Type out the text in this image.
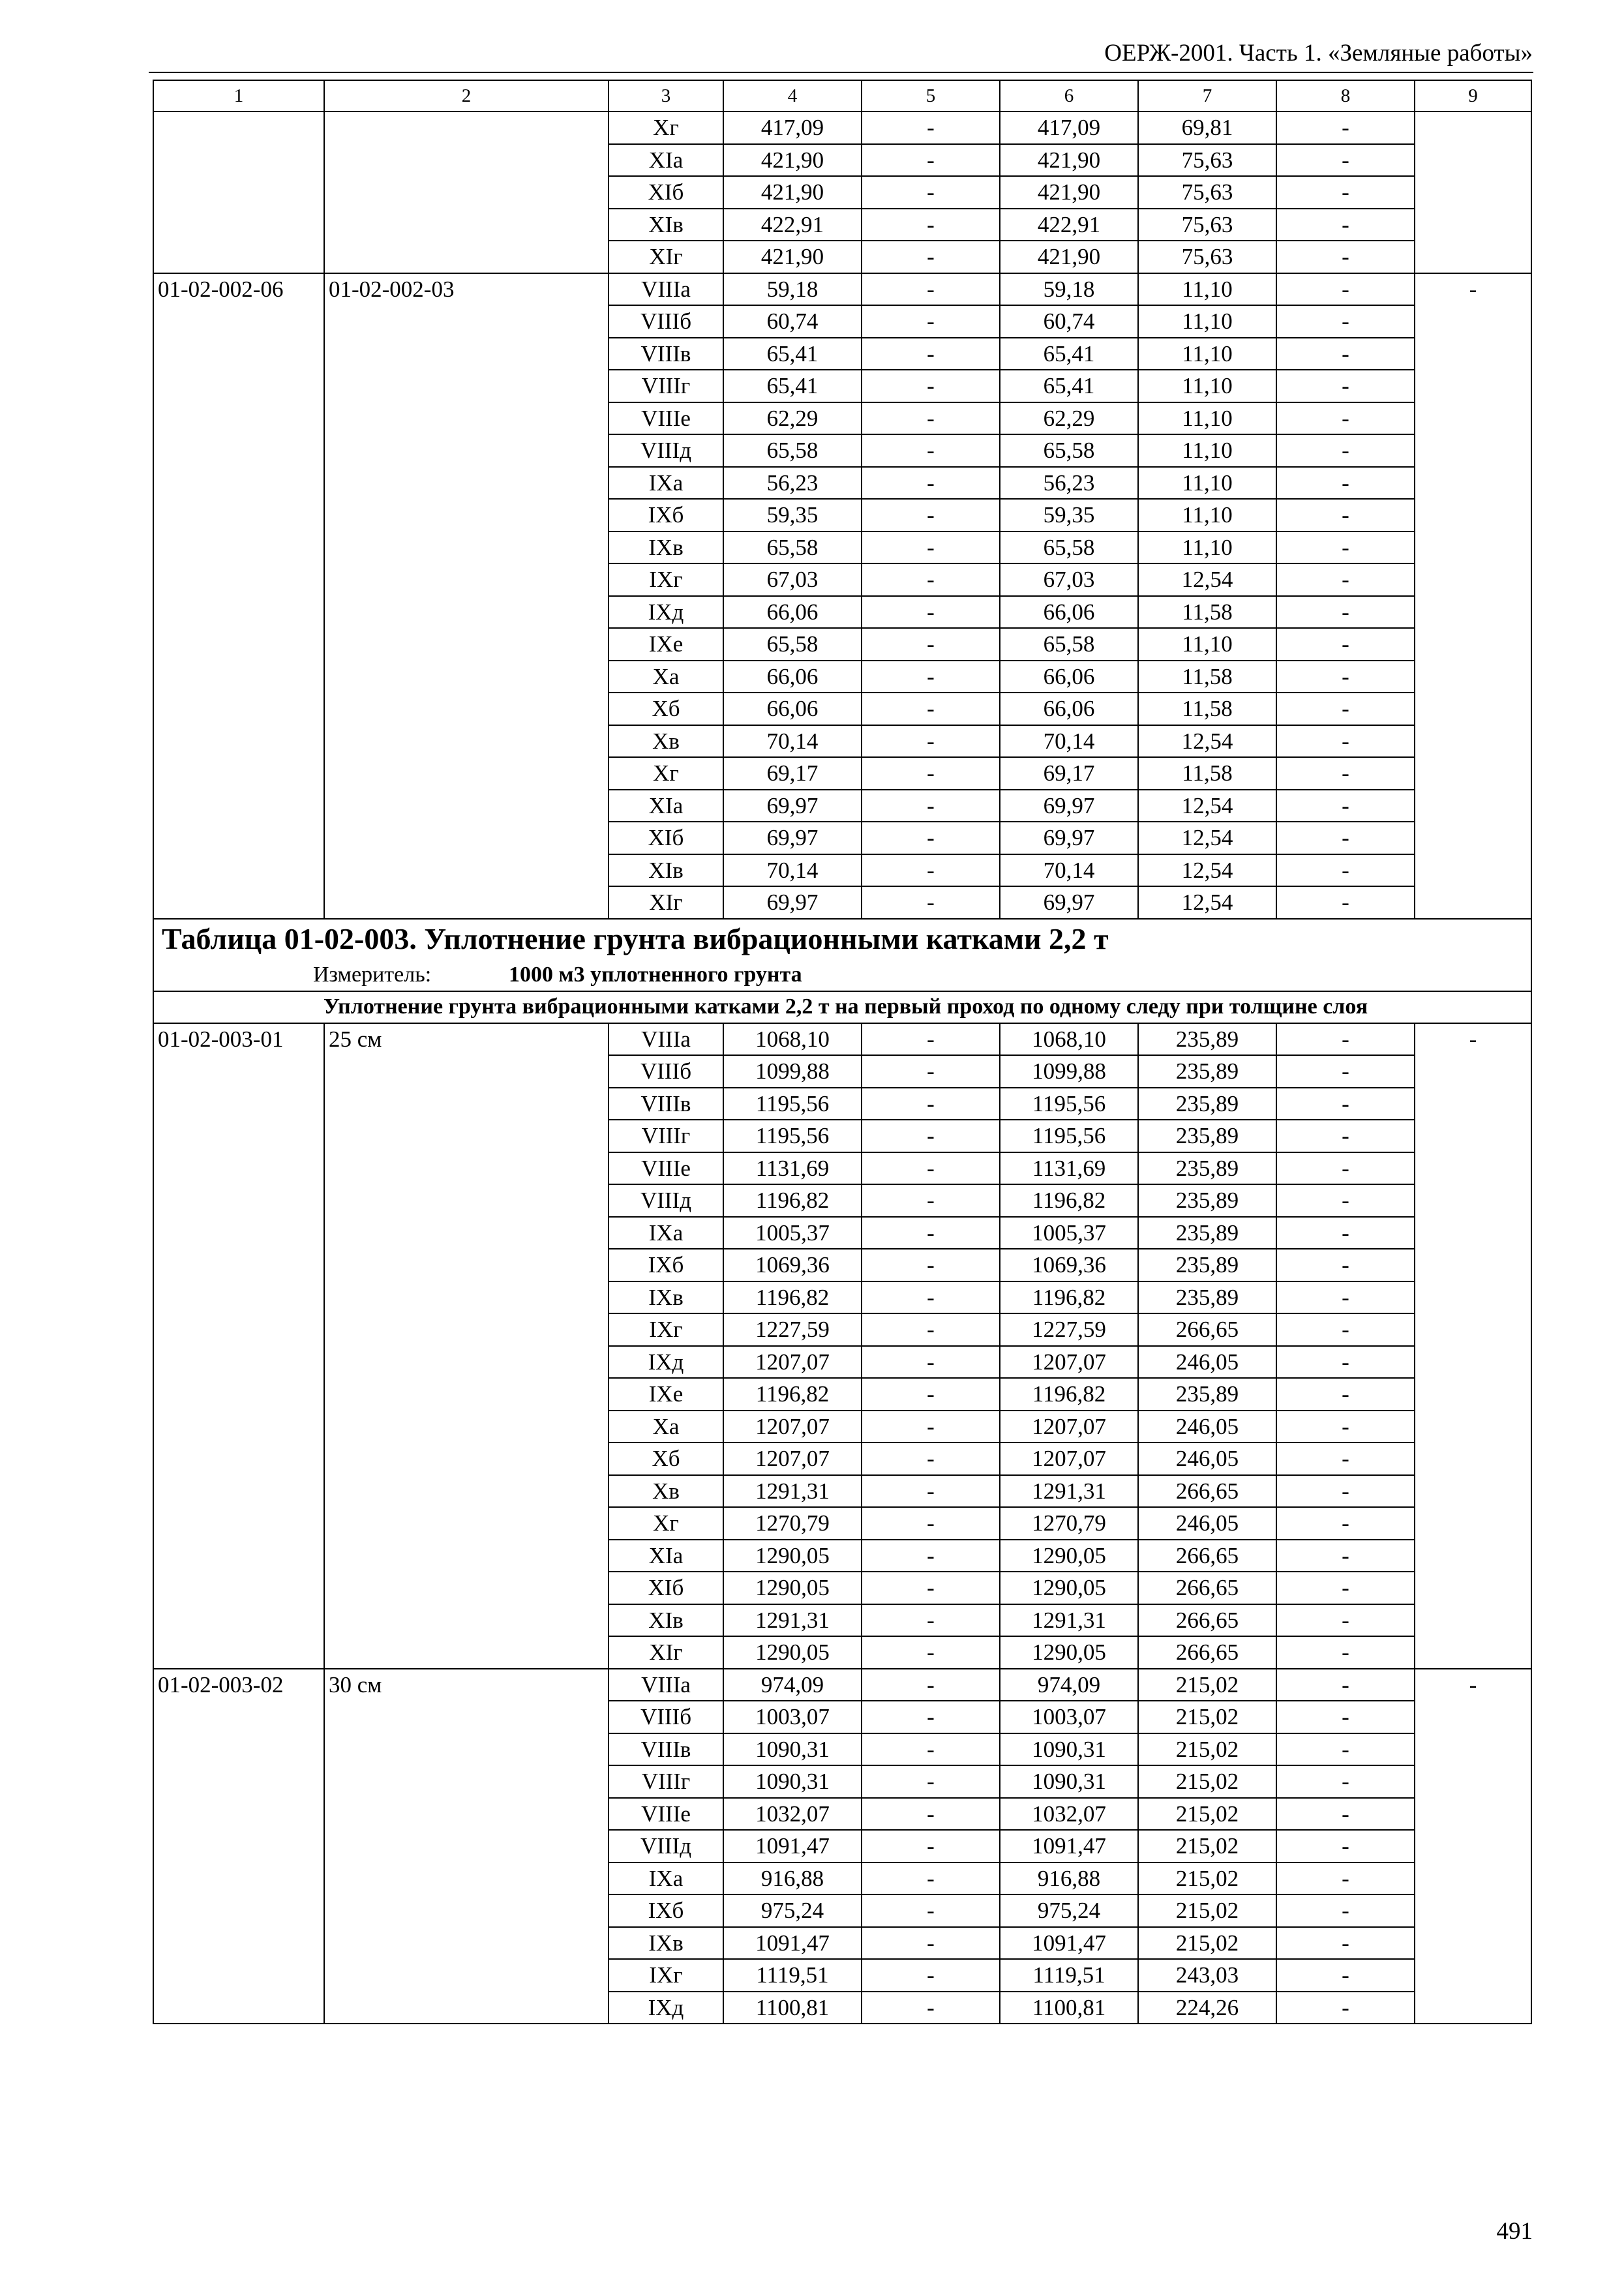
ОЕРЖ-2001. Часть 1. «Земляные работы»
1	2	3	4	5	6	7	8	9
		Xг	417,09	-	417,09	69,81	-	
		XIа	421,90	-	421,90	75,63	-	
		XIб	421,90	-	421,90	75,63	-	
		XIв	422,91	-	422,91	75,63	-	
		XIг	421,90	-	421,90	75,63	-	
01-02-002-06	01-02-002-03	VIIIа	59,18	-	59,18	11,10	-	-
		VIIIб	60,74	-	60,74	11,10	-	
		VIIIв	65,41	-	65,41	11,10	-	
		VIIIг	65,41	-	65,41	11,10	-	
		VIIIе	62,29	-	62,29	11,10	-	
		VIIIд	65,58	-	65,58	11,10	-	
		IXа	56,23	-	56,23	11,10	-	
		IXб	59,35	-	59,35	11,10	-	
		IXв	65,58	-	65,58	11,10	-	
		IXг	67,03	-	67,03	12,54	-	
		IXд	66,06	-	66,06	11,58	-	
		IXе	65,58	-	65,58	11,10	-	
		Xа	66,06	-	66,06	11,58	-	
		Xб	66,06	-	66,06	11,58	-	
		Xв	70,14	-	70,14	12,54	-	
		Xг	69,17	-	69,17	11,58	-	
		XIа	69,97	-	69,97	12,54	-	
		XIб	69,97	-	69,97	12,54	-	
		XIв	70,14	-	70,14	12,54	-	
		XIг	69,97	-	69,97	12,54	-	
Таблица 01-02-003. Уплотнение грунта вибрационными катками 2,2 т								
Измеритель: 1000 м3 уплотненного грунта								
Уплотнение грунта вибрационными катками 2,2 т на первый проход по одному следу при толщине слоя								
01-02-003-01	25 см	VIIIа	1068,10	-	1068,10	235,89	-	-
		VIIIб	1099,88	-	1099,88	235,89	-	
		VIIIв	1195,56	-	1195,56	235,89	-	
		VIIIг	1195,56	-	1195,56	235,89	-	
		VIIIе	1131,69	-	1131,69	235,89	-	
		VIIIд	1196,82	-	1196,82	235,89	-	
		IXа	1005,37	-	1005,37	235,89	-	
		IXб	1069,36	-	1069,36	235,89	-	
		IXв	1196,82	-	1196,82	235,89	-	
		IXг	1227,59	-	1227,59	266,65	-	
		IXд	1207,07	-	1207,07	246,05	-	
		IXе	1196,82	-	1196,82	235,89	-	
		Xа	1207,07	-	1207,07	246,05	-	
		Xб	1207,07	-	1207,07	246,05	-	
		Xв	1291,31	-	1291,31	266,65	-	
		Xг	1270,79	-	1270,79	246,05	-	
		XIа	1290,05	-	1290,05	266,65	-	
		XIб	1290,05	-	1290,05	266,65	-	
		XIв	1291,31	-	1291,31	266,65	-	
		XIг	1290,05	-	1290,05	266,65	-	
01-02-003-02	30 см	VIIIа	974,09	-	974,09	215,02	-	-
		VIIIб	1003,07	-	1003,07	215,02	-	
		VIIIв	1090,31	-	1090,31	215,02	-	
		VIIIг	1090,31	-	1090,31	215,02	-	
		VIIIе	1032,07	-	1032,07	215,02	-	
		VIIIд	1091,47	-	1091,47	215,02	-	
		IXа	916,88	-	916,88	215,02	-	
		IXб	975,24	-	975,24	215,02	-	
		IXв	1091,47	-	1091,47	215,02	-	
		IXг	1119,51	-	1119,51	243,03	-	
		IXд	1100,81	-	1100,81	224,26	-	
491
